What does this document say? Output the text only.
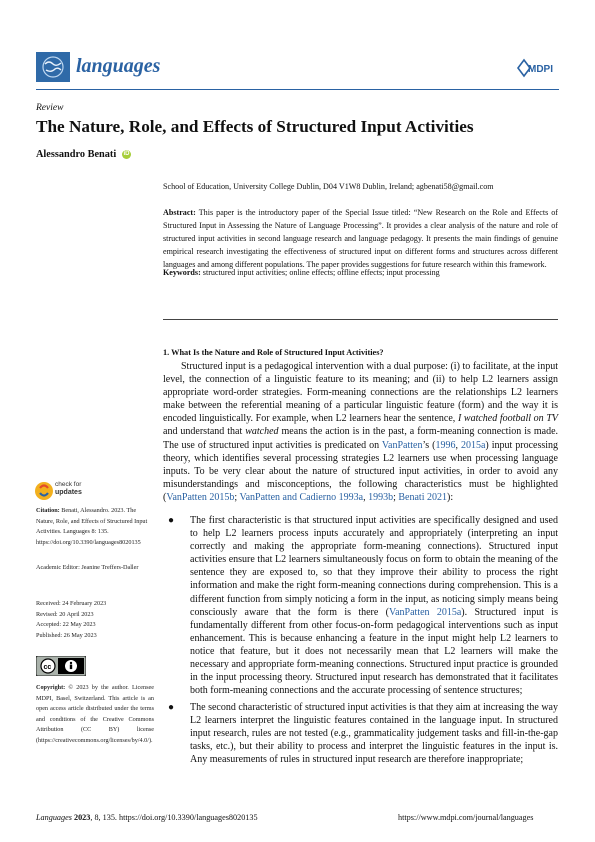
languages	MDPI
Review
The Nature, Role, and Effects of Structured Input Activities
Alessandro Benati iD
School of Education, University College Dublin, D04 V1W8 Dublin, Ireland; agbenati58@gmail.com
Abstract: This paper is the introductory paper of the Special Issue titled: “New Research on the Role and Effects of Structured Input in Assessing the Nature of Language Processing”. It provides a clear analysis of the nature and role of structured input activities in second language research and language pedagogy. It presents the main findings of genuine empirical research investigating the effectiveness of structured input on different forms and structures across different languages and among different populations. The paper provides suggestions for future research within this framework.
Keywords: structured input activities; online effects; offline effects; input processing
1. What Is the Nature and Role of Structured Input Activities?
Structured input is a pedagogical intervention with a dual purpose: (i) to facilitate, at the input level, the connection of a linguistic feature to its meaning; and (ii) to help L2 learners assign appropriate word-order strategies. Form-meaning connections are the relationships L2 learners make between the referential meaning of a particular linguistic feature (form) and the way it is encoded linguistically. For example, when L2 learners hear the sentence, I watched football on TV and understand that watched means the action is in the past, a form-meaning connection is made. The use of structured input activities is predicated on VanPatten’s (1996, 2015a) input processing theory, which identifies several processing strategies L2 learners use when processing language inputs. To be very clear about the nature of structured input activities, in order to avoid any misunderstandings and misconceptions, the following characteristics must be highlighted (VanPatten 2015b; VanPatten and Cadierno 1993a, 1993b; Benati 2021):
● The first characteristic is that structured input activities are specifically designed and used to help L2 learners process inputs accurately and appropriately (interpreting an input correctly and making the appropriate form-meaning connections). Structured input activities ensure that L2 learners simultaneously focus on form to obtain the meaning of the sentence they are exposed to, so that they improve their ability to process the right information and make the right form-meaning connections during comprehension. This is a different function from simply noticing a form in the input, as noticing simply means being consciously aware that the form is there (VanPatten 2015a). Structured input is fundamentally different from other focus-on-form pedagogical interventions such as input enhancement. This is because enhancing a feature in the input might help L2 learners to notice that feature, but it does not necessarily mean that L2 learners will make the necessary and appropriate form-meaning connections. Structured input practice is grounded in the input processing theory. Structured input research has demonstrated that it facilitates both form-meaning connections and the accurate processing of sentence structures;
● The second characteristic of structured input activities is that they aim at increasing the way L2 learners interpret the linguistic features contained in the language input. In structured input research, rules are not tested (e.g., grammaticality judgement tasks and fill-in-the-gap tasks, etc.), but their ability to process and interpret the linguistic features in the input is. Any measurements of rules in structured input research are therefore inappropriate;
check for
updates
Citation: Benati, Alessandro. 2023. The Nature, Role, and Effects of Structured Input Activities. Languages 8: 135. https://doi.org/10.3390/languages8020135
Academic Editor: Jeanine Treffers-Daller
Received: 24 February 2023
Revised: 20 April 2023
Accepted: 22 May 2023
Published: 26 May 2023
cc
Copyright: © 2023 by the author. Licensee MDPI, Basel, Switzerland. This article is an open access article distributed under the terms and conditions of the Creative Commons Attribution (CC BY) license (https://creativecommons.org/licenses/by/4.0/).
Languages 2023, 8, 135. https://doi.org/10.3390/languages8020135	https://www.mdpi.com/journal/languages
